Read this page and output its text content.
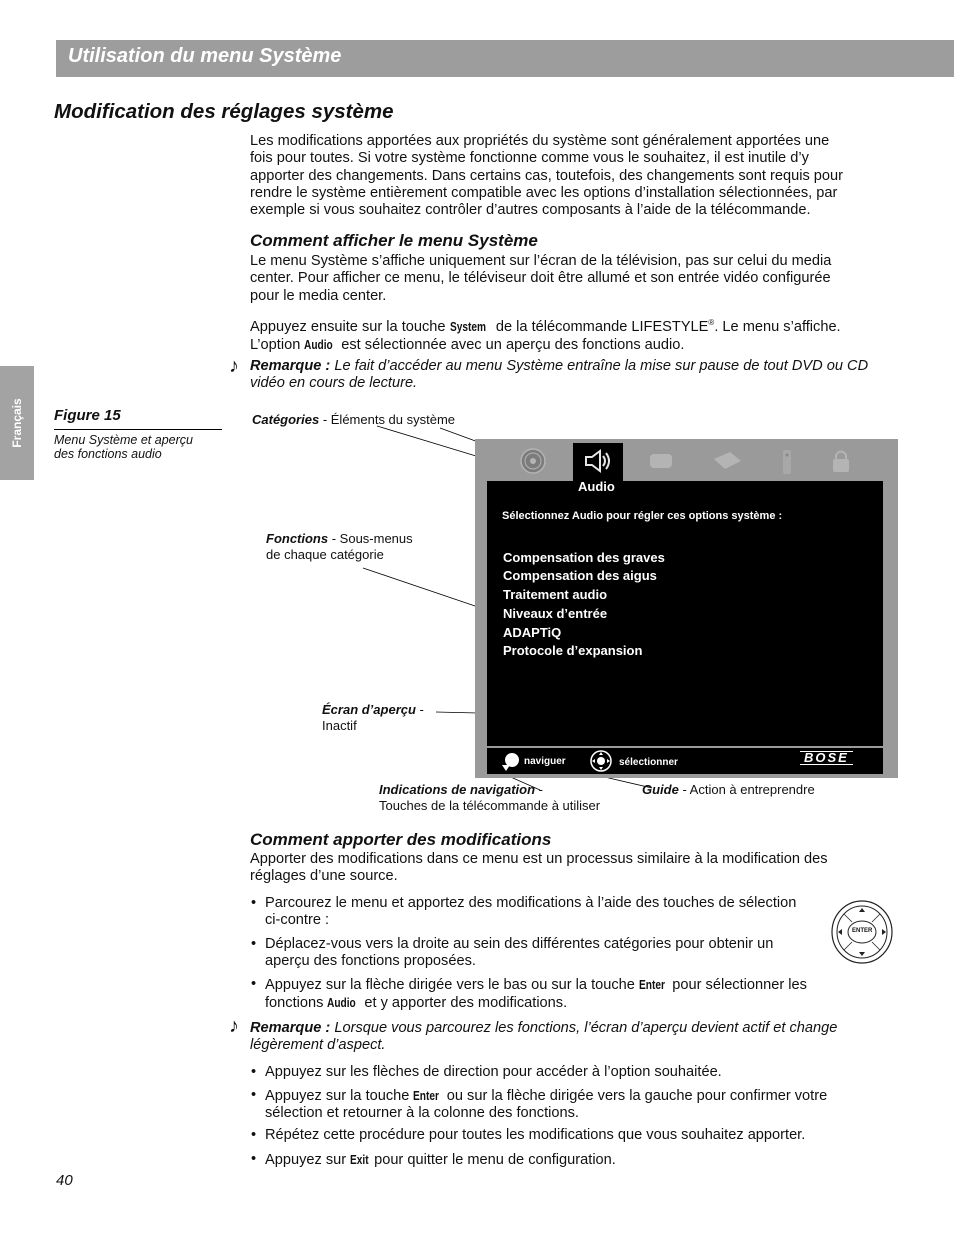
Utilisation du menu Système
Modification des réglages système
Français
Les modifications apportées aux propriétés du système sont généralement apportées une
fois pour toutes. Si votre système fonctionne comme vous le souhaitez, il est inutile d’y
apporter des changements. Dans certains cas, toutefois, des changements sont requis pour
rendre le système entièrement compatible avec les options d’installation sélectionnées, par
exemple si vous souhaitez contrôler d’autres composants à l’aide de la télécommande.
Comment afficher le menu Système
Le menu Système s’affiche uniquement sur l’écran de la télévision, pas sur celui du media
center. Pour afficher ce menu, le téléviseur doit être allumé et son entrée vidéo configurée
pour le media center.
Appuyez ensuite sur la touche System de la télécommande LIFESTYLE®. Le menu s’affiche.
L’option Audio est sélectionnée avec un aperçu des fonctions audio.
♪ Remarque : Le fait d’accéder au menu Système entraîne la mise sur pause de tout DVD ou CD
vidéo en cours de lecture.
Figure 15
Menu Système et aperçu
des fonctions audio
Catégories - Éléments du système
Fonctions - Sous-menus
de chaque catégorie
Écran d’aperçu -
Inactif
Indications de navigation -
Touches de la télécommande à utiliser
Guide - Action à entreprendre
Audio
Sélectionnez Audio pour régler ces options système :
Compensation des graves
Compensation des aigus
Traitement audio
Niveaux d’entrée
ADAPTiQ
Protocole d’expansion
naviguer	sélectionner	BOSE
Comment apporter des modifications
Apporter des modifications dans ce menu est un processus similaire à la modification des
réglages d’une source.
• Parcourez le menu et apportez des modifications à l’aide des touches de sélection
ci-contre :
• Déplacez-vous vers la droite au sein des différentes catégories pour obtenir un
aperçu des fonctions proposées.
• Appuyez sur la flèche dirigée vers le bas ou sur la touche Enter pour sélectionner les
fonctions Audio et y apporter des modifications.
ENTER
♪ Remarque : Lorsque vous parcourez les fonctions, l’écran d’aperçu devient actif et change
légèrement d’aspect.
• Appuyez sur les flèches de direction pour accéder à l’option souhaitée.
• Appuyez sur la touche Enter ou sur la flèche dirigée vers la gauche pour confirmer votre
sélection et retourner à la colonne des fonctions.
• Répétez cette procédure pour toutes les modifications que vous souhaitez apporter.
• Appuyez sur Exit pour quitter le menu de configuration.
40
